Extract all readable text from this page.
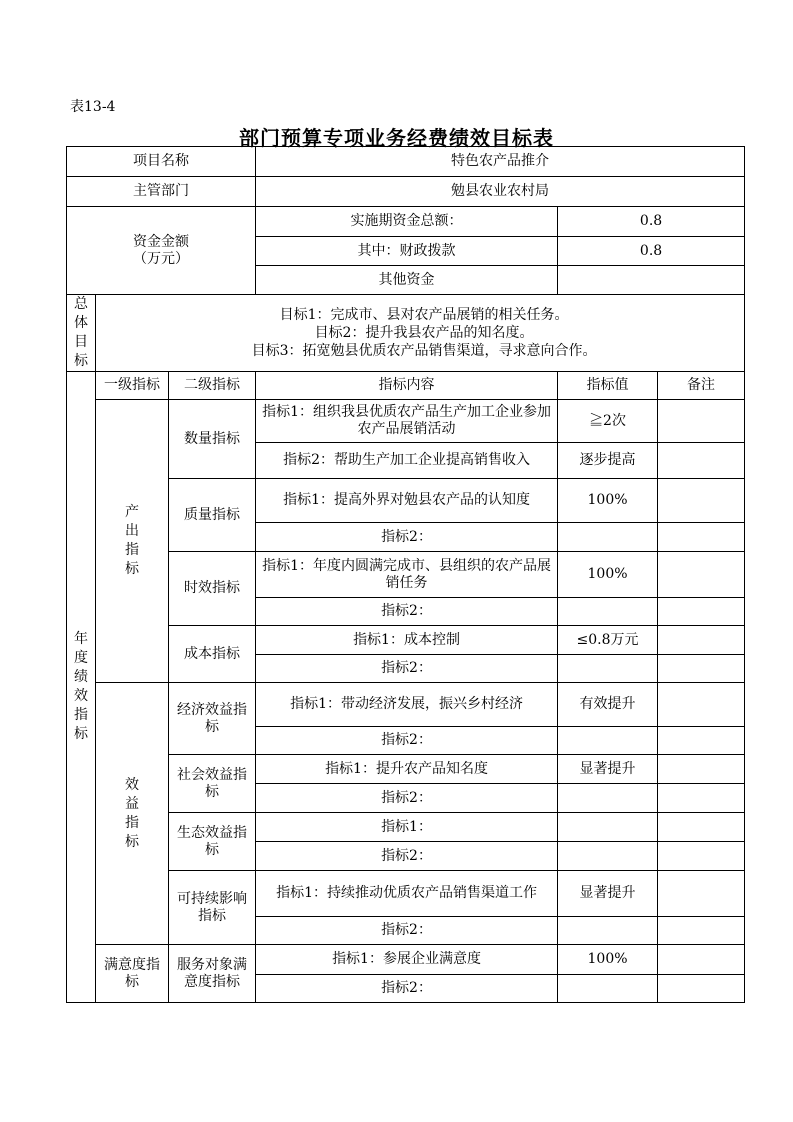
表13-4
部门预算专项业务经费绩效目标表
项目名称			特色农产品推介		
主管部门			勉县农业农村局		

资金金额
（万元）			实施期资金总额：	0.8	
			其中：财政拨款	0.8	
			其他资金		

总体目标	目标1：完成市、县对农产品展销的相关任务。
目标2：提升我县农产品的知名度。
目标3：拓宽勉县优质农产品销售渠道，寻求意向合作。				

年度绩效指标	一级指标	二级指标	指标内容	指标值	备注

	产出指标	数量指标	指标1：组织我县优质农产品生产加工企业参加农产品展销活动	≧2次	
			指标2：帮助生产加工企业提高销售收入	逐步提高	
		质量指标	指标1：提高外界对勉县农产品的认知度	100%	
			指标2：		
		时效指标	指标1：年度内圆满完成市、县组织的农产品展销任务	100%	
			指标2：		
		成本指标	指标1：成本控制	≤0.8万元	
			指标2：		

	效益指标	经济效益指标	指标1：带动经济发展，振兴乡村经济	有效提升	
			指标2：		
		社会效益指标	指标1：提升农产品知名度	显著提升	
			指标2：		
		生态效益指标	指标1：		
			指标2：		
		可持续影响指标	指标1：持续推动优质农产品销售渠道工作	显著提升	
			指标2：		
	满意度指标	服务对象满意度指标	指标1：参展企业满意度	100%	
			指标2：		
